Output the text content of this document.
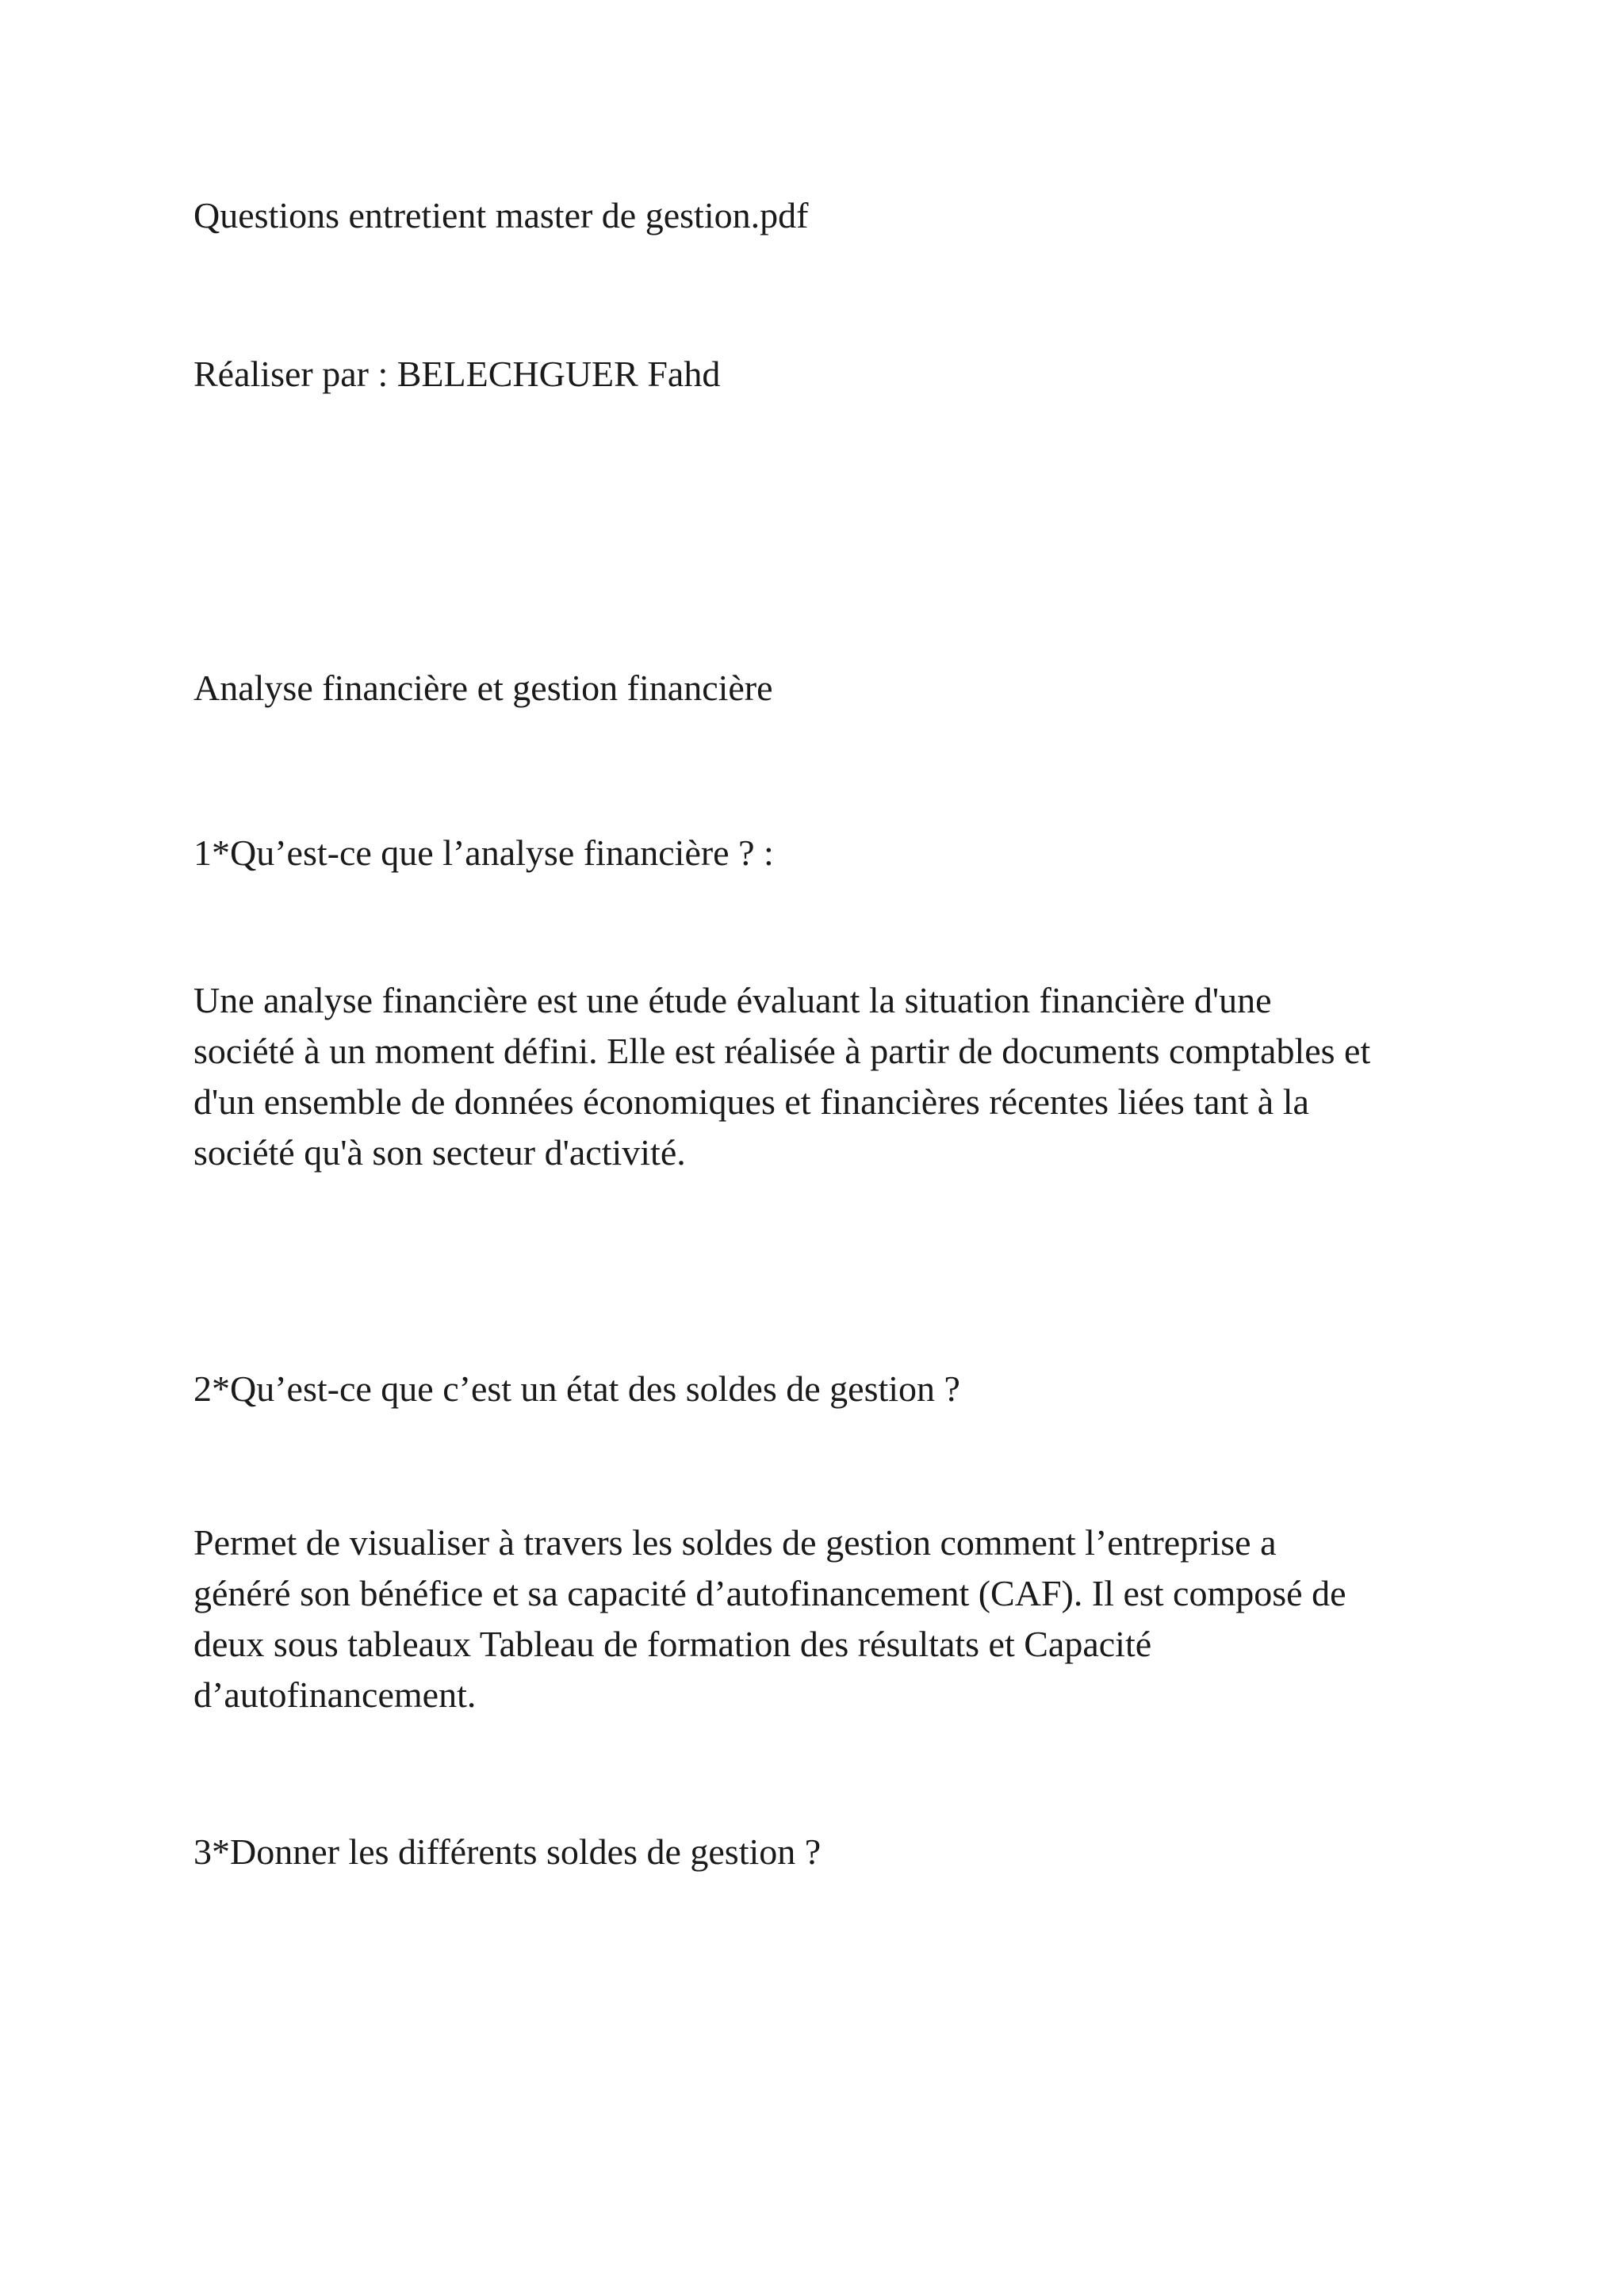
Questions entretient master de gestion.pdf

Réaliser par : BELECHGUER Fahd

Analyse financière et gestion financière

1*Qu’est-ce que l’analyse financière ? :

Une analyse financière est une étude évaluant la situation financière d'une
société à un moment défini. Elle est réalisée à partir de documents comptables et
d'un ensemble de données économiques et financières récentes liées tant à la
société qu'à son secteur d'activité.

2*Qu’est-ce que c’est un état des soldes de gestion ?

Permet de visualiser à travers les soldes de gestion comment l’entreprise a
généré son bénéfice et sa capacité d’autofinancement (CAF). Il est composé de
deux sous tableaux Tableau de formation des résultats et Capacité
d’autofinancement.

3*Donner les différents soldes de gestion ?
